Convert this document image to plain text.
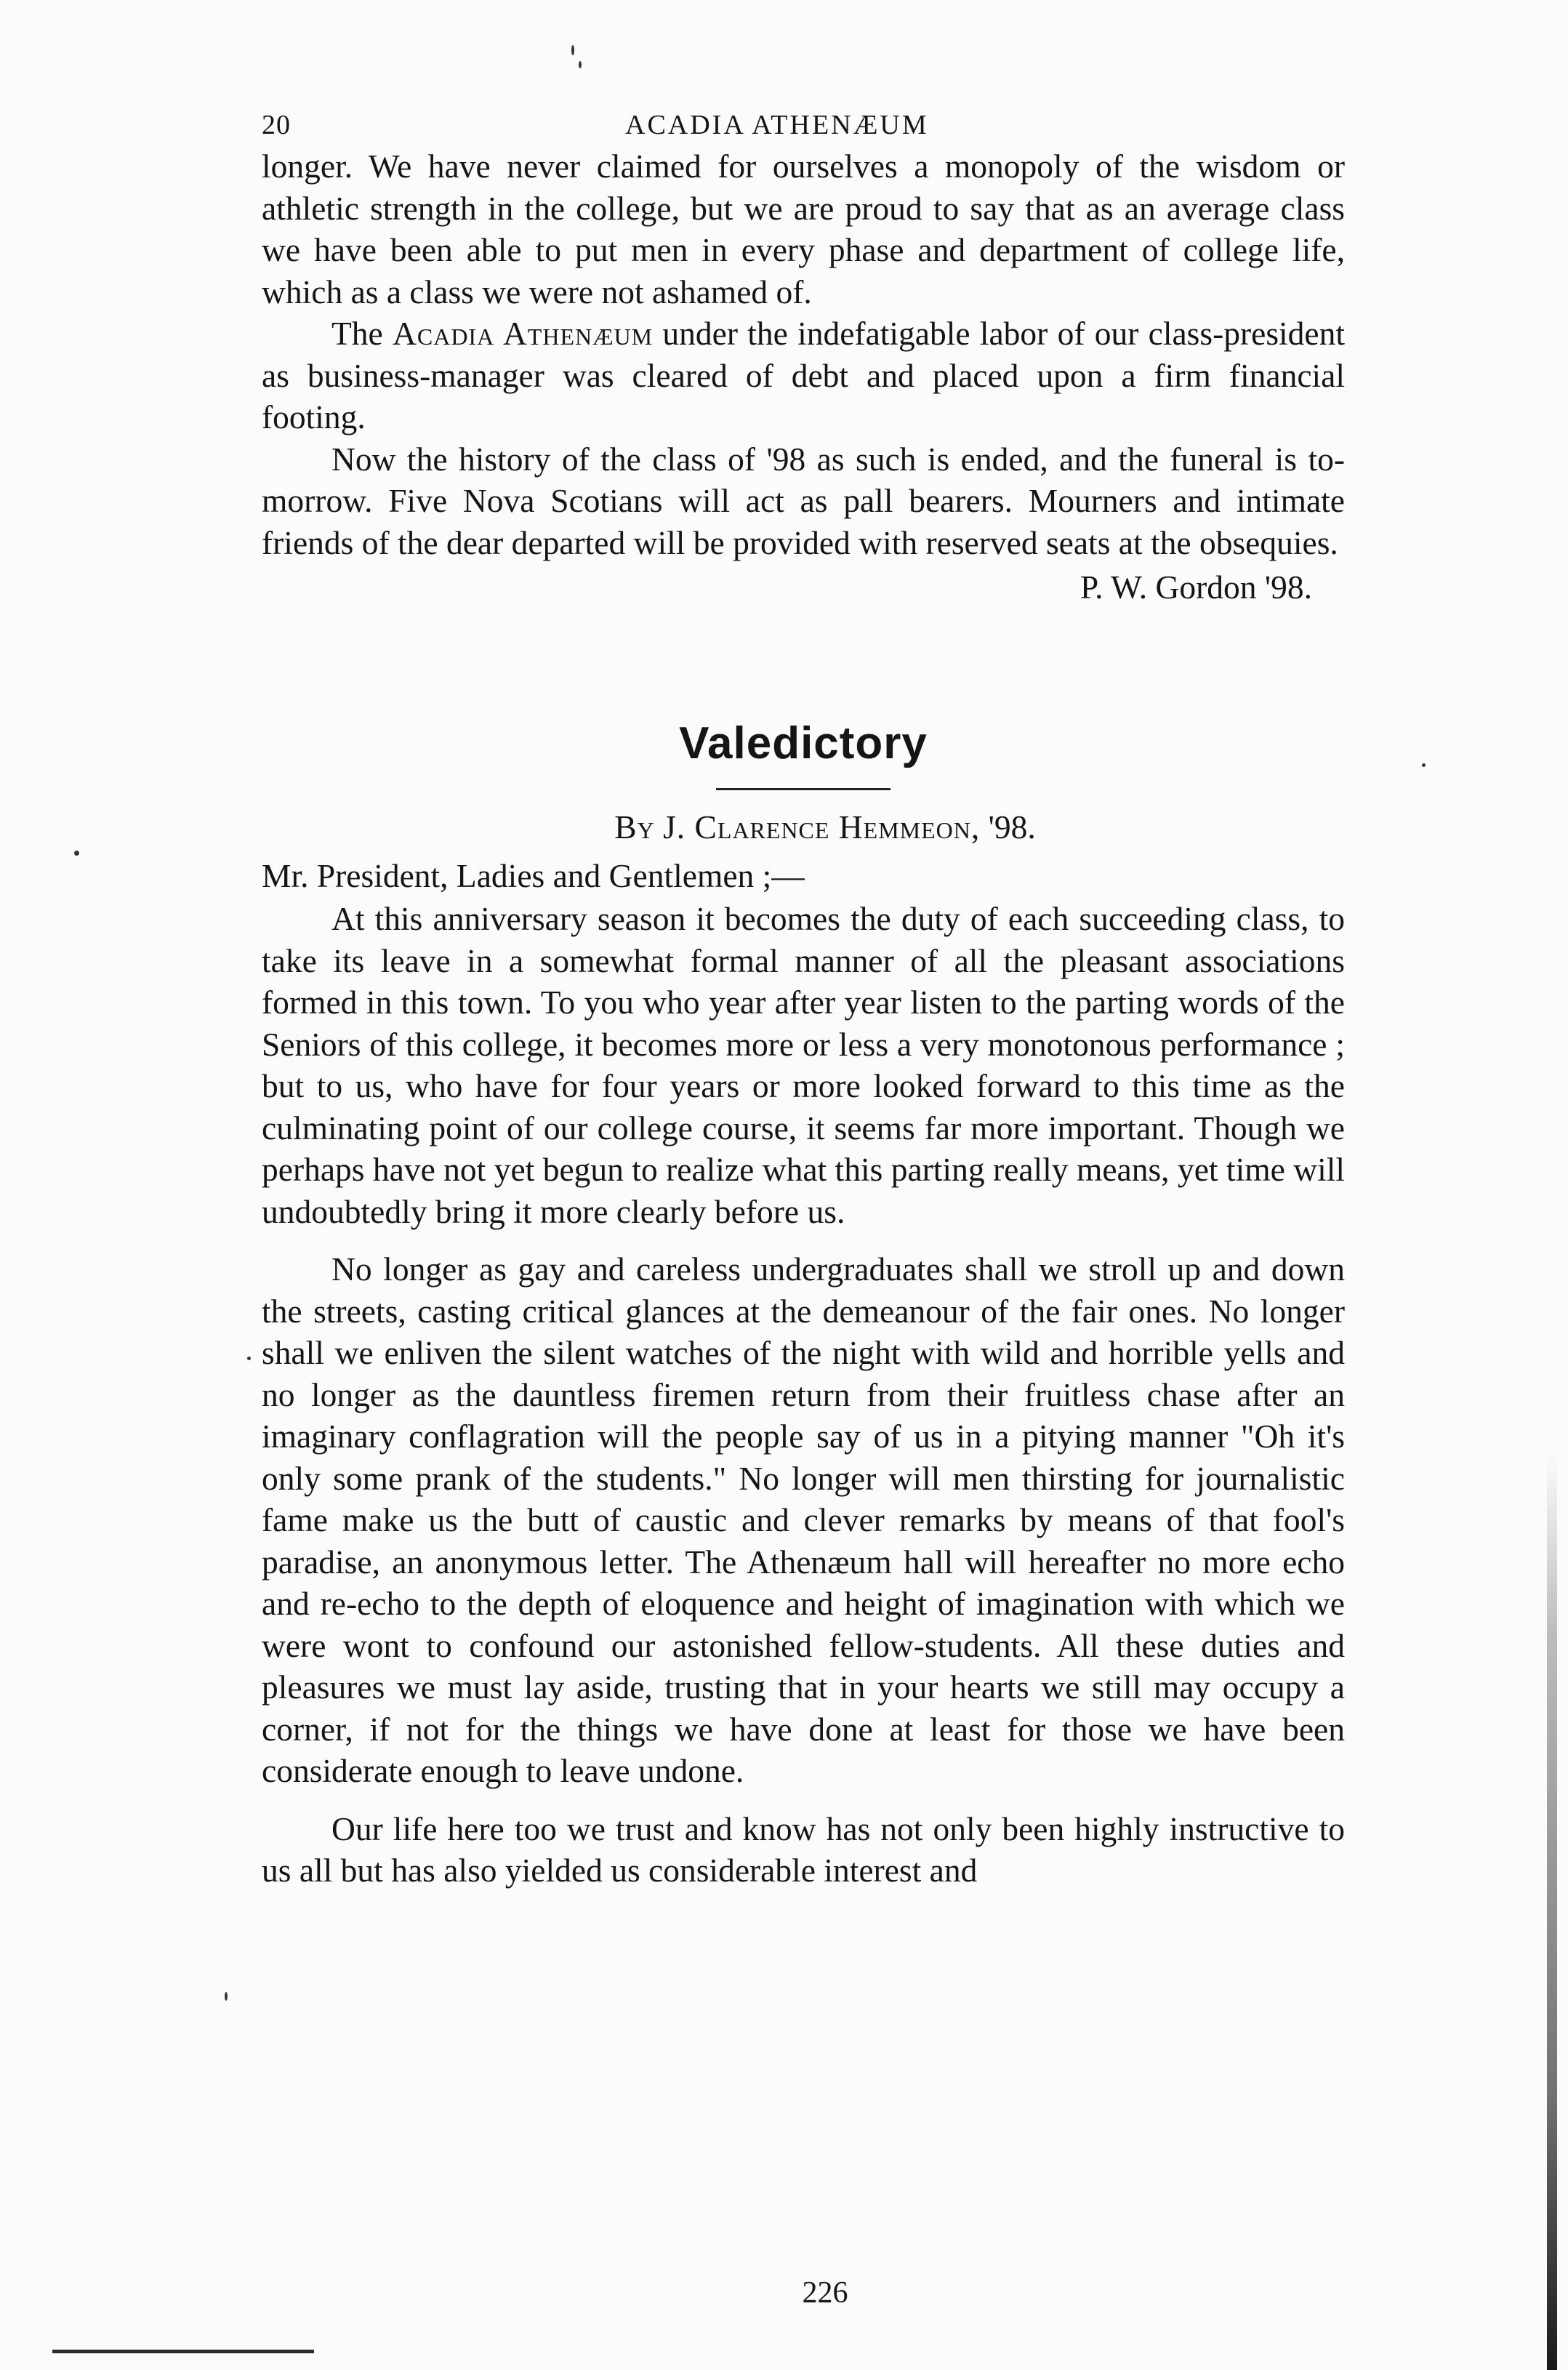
20	ACADIA ATHENÆUM

longer. We have never claimed for ourselves a monopoly of the wisdom or athletic strength in the college, but we are proud to say that as an average class we have been able to put men in every phase and department of college life, which as a class we were not ashamed of.

The Acadia Athenæum under the indefatigable labor of our class-president as business-manager was cleared of debt and placed upon a firm financial footing.

Now the history of the class of '98 as such is ended, and the funeral is to-morrow. Five Nova Scotians will act as pall bearers. Mourners and intimate friends of the dear departed will be provided with reserved seats at the obsequies.

P. W. Gordon '98.
Valedictory
By J. Clarence Hemmeon, '98.
Mr. President, Ladies and Gentlemen ;—

At this anniversary season it becomes the duty of each succeeding class, to take its leave in a somewhat formal manner of all the pleasant associations formed in this town. To you who year after year listen to the parting words of the Seniors of this college, it becomes more or less a very monotonous performance ; but to us, who have for four years or more looked forward to this time as the culminating point of our college course, it seems far more important. Though we perhaps have not yet begun to realize what this parting really means, yet time will undoubtedly bring it more clearly before us.

No longer as gay and careless undergraduates shall we stroll up and down the streets, casting critical glances at the demeanour of the fair ones. No longer shall we enliven the silent watches of the night with wild and horrible yells and no longer as the dauntless firemen return from their fruitless chase after an imaginary conflagration will the people say of us in a pitying manner "Oh it's only some prank of the students." No longer will men thirsting for journalistic fame make us the butt of caustic and clever remarks by means of that fool's paradise, an anonymous letter. The Athenæum hall will hereafter no more echo and re-echo to the depth of eloquence and height of imagination with which we were wont to confound our astonished fellow-students. All these duties and pleasures we must lay aside, trusting that in your hearts we still may occupy a corner, if not for the things we have done at least for those we have been considerate enough to leave undone.

Our life here too we trust and know has not only been highly instructive to us all but has also yielded us considerable interest and

226
